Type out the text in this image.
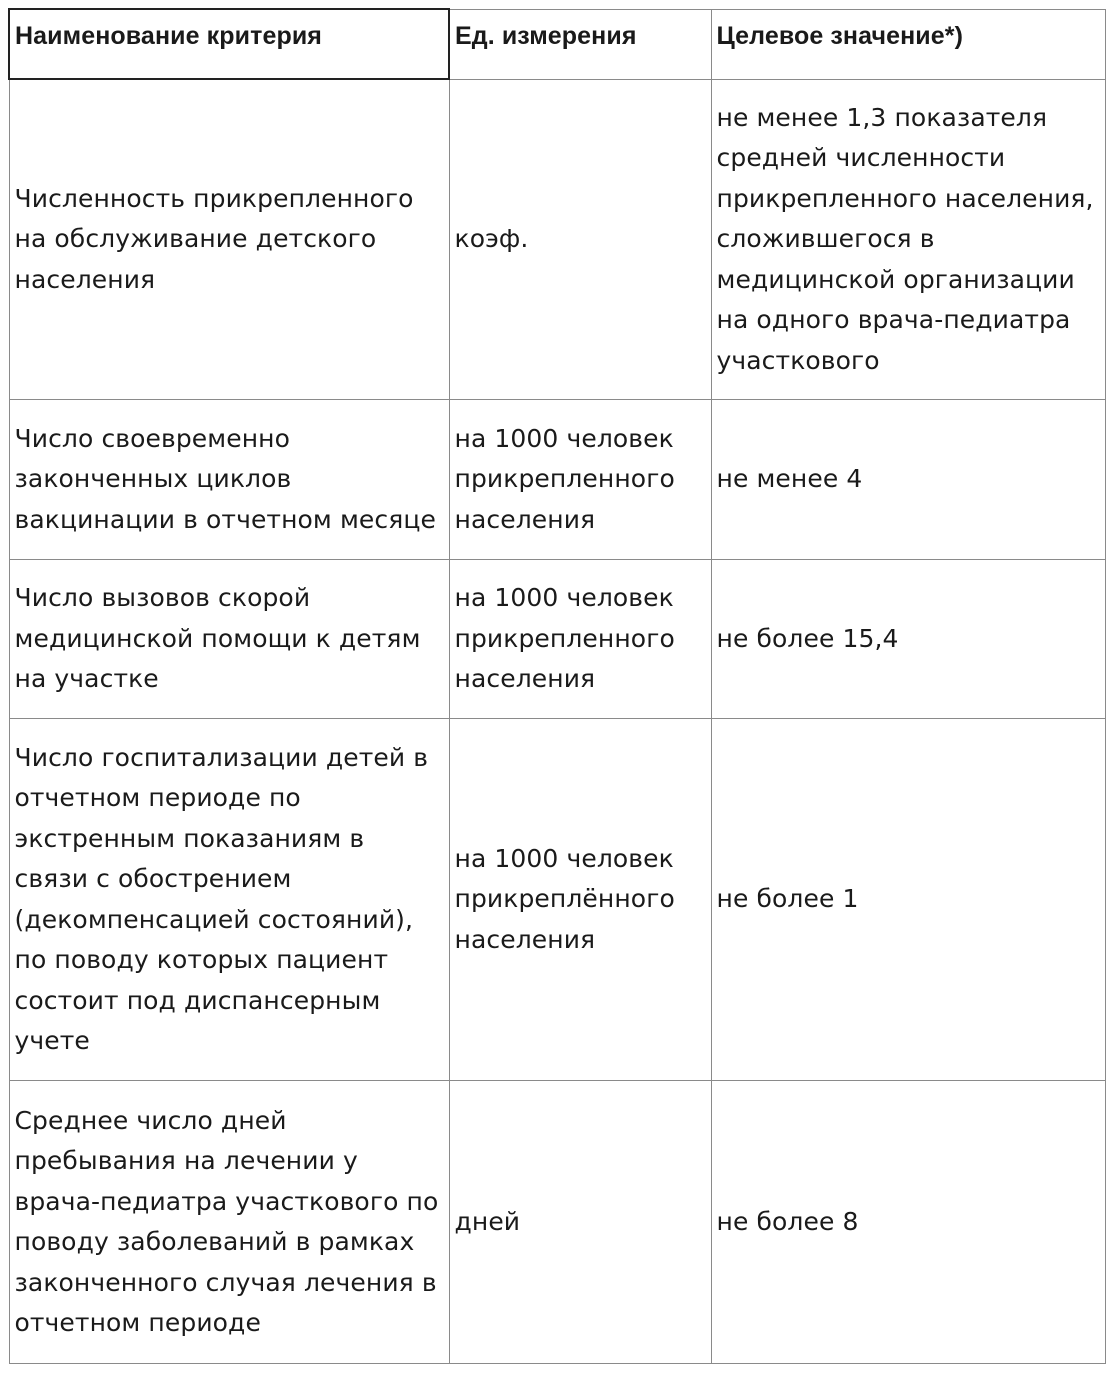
Наименование критерия	Ед. измерения	Целевое значение*)
Численность прикрепленного на обслуживание детского населения	коэф.	не менее 1,3 показателя средней численности прикрепленного населения, сложившегося в медицинской организации на одного врача-педиатра участкового
Число своевременно законченных циклов вакцинации в отчетном месяце	на 1000 человек прикрепленного населения	не менее 4
Число вызовов скорой медицинской помощи к детям на участке	на 1000 человек прикрепленного населения	не более 15,4
Число госпитализации детей в отчетном периоде по экстренным показаниям в связи с обострением (декомпенсацией состояний), по поводу которых пациент состоит под диспансерным учете	на 1000 человек прикреплённого населения	не более 1
Среднее число дней пребывания на лечении у врача-педиатра участкового по поводу заболеваний в рамках законченного случая лечения в отчетном периоде	дней	не более 8
